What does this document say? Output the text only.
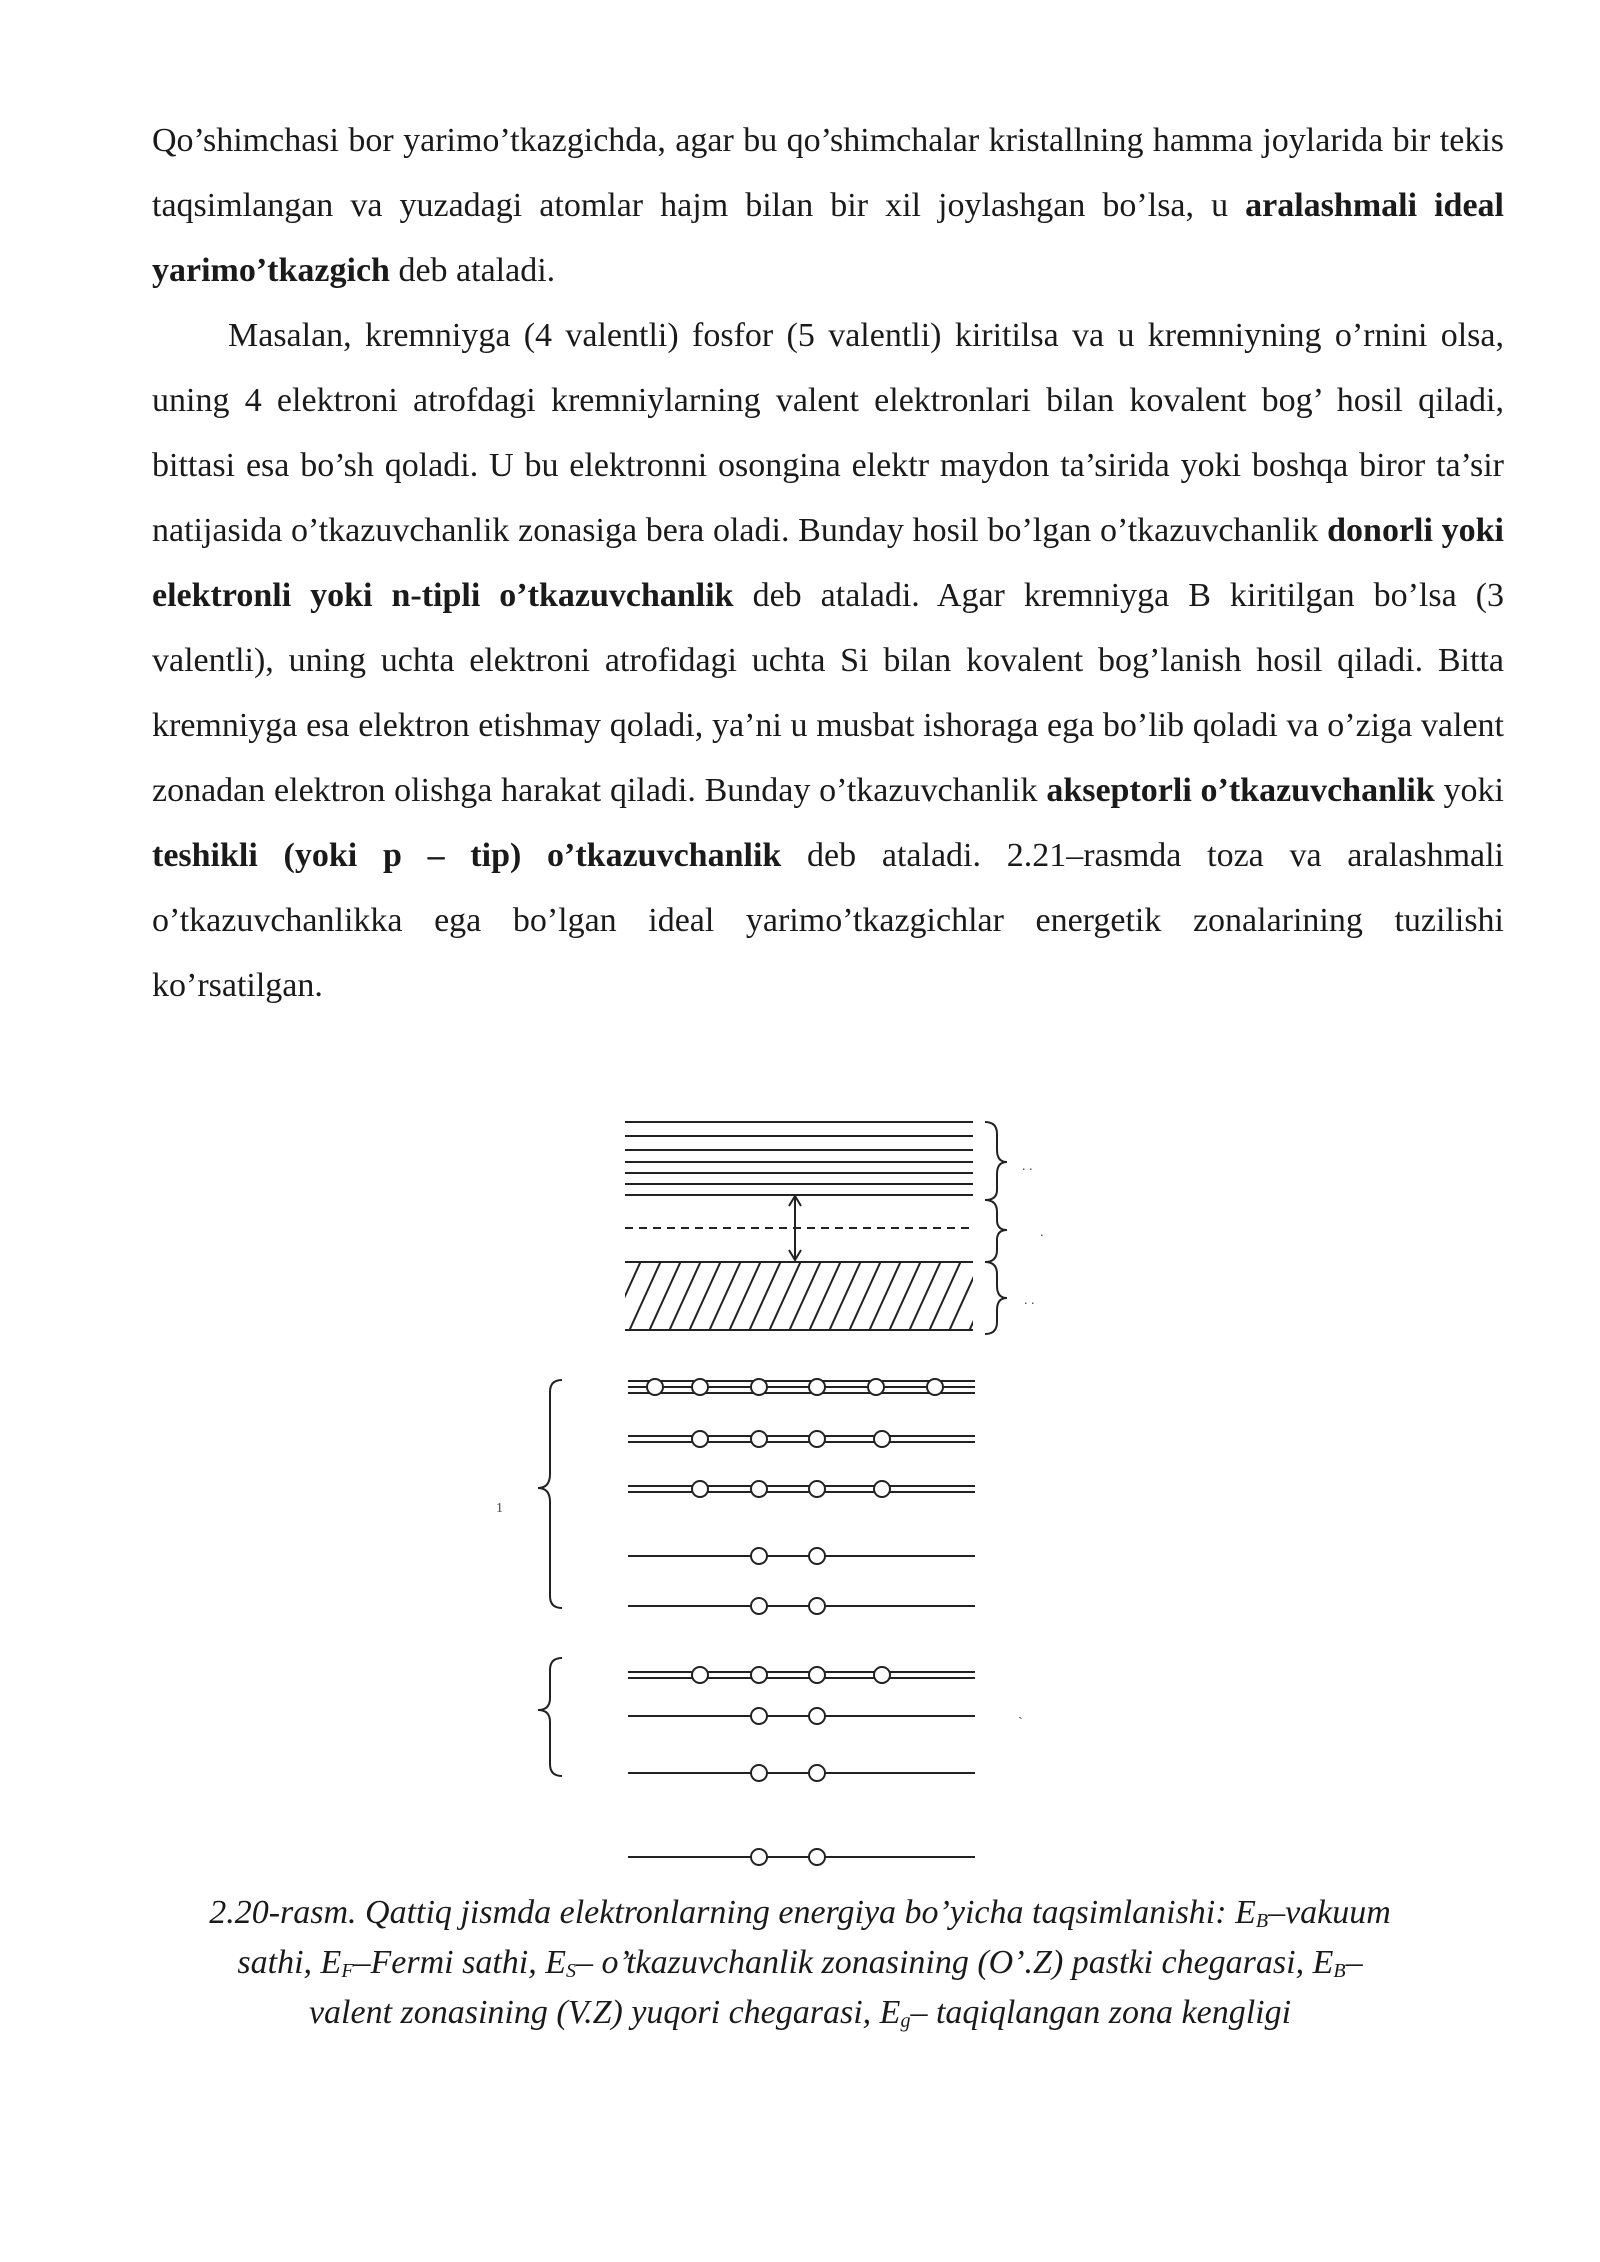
Qo’shimchasi bor yarimo’tkazgichda, agar bu qo’shimchalar kristallning hamma joylarida bir tekis taqsimlangan va yuzadagi atomlar hajm bilan bir xil joylashgan bo’lsa, u aralashmali ideal yarimo’tkazgich deb ataladi.

Masalan, kremniyga (4 valentli) fosfor (5 valentli) kiritilsa va u kremniyning o’rnini olsa, uning 4 elektroni atrofdagi kremniylarning valent elektronlari bilan kovalent bog’ hosil qiladi, bittasi esa bo’sh qoladi. U bu elektronni osongina elektr maydon ta’sirida yoki boshqa biror ta’sir natijasida o’tkazuvchanlik zonasiga bera oladi. Bunday hosil bo’lgan o’tkazuvchanlik donorli yoki elektronli yoki n-tipli o’tkazuvchanlik deb ataladi. Agar kremniyga B kiritilgan bo’lsa (3 valentli), uning uchta elektroni atrofidagi uchta Si bilan kovalent bog’lanish hosil qiladi. Bitta kremniyga esa elektron etishmay qoladi, ya’ni u musbat ishoraga ega bo’lib qoladi va o’ziga valent zonadan elektron olishga harakat qiladi. Bunday o’tkazuvchanlik akseptorli o’tkazuvchanlik yoki teshikli (yoki p – tip) o’tkazuvchanlik deb ataladi. 2.21–rasmda toza va aralashmali o’tkazuvchanlikka ega bo’lgan ideal yarimo’tkazgichlar energetik zonalarining tuzilishi ko’rsatilgan.

. .
.
. .
1
ˏ

2.20-rasm. Qattiq jismda elektronlarning energiya bo’yicha taqsimlanishi: $E_B$–vakuum

sathi, $E_F$–Fermi sathi, $E_S-$ o’tkazuvchanlik zonasining (O’.Z) pastki chegarasi, $E_B-$

valent zonasining (V.Z) yuqori chegarasi, $E_g-$ taqiqlangan zona kengligi
